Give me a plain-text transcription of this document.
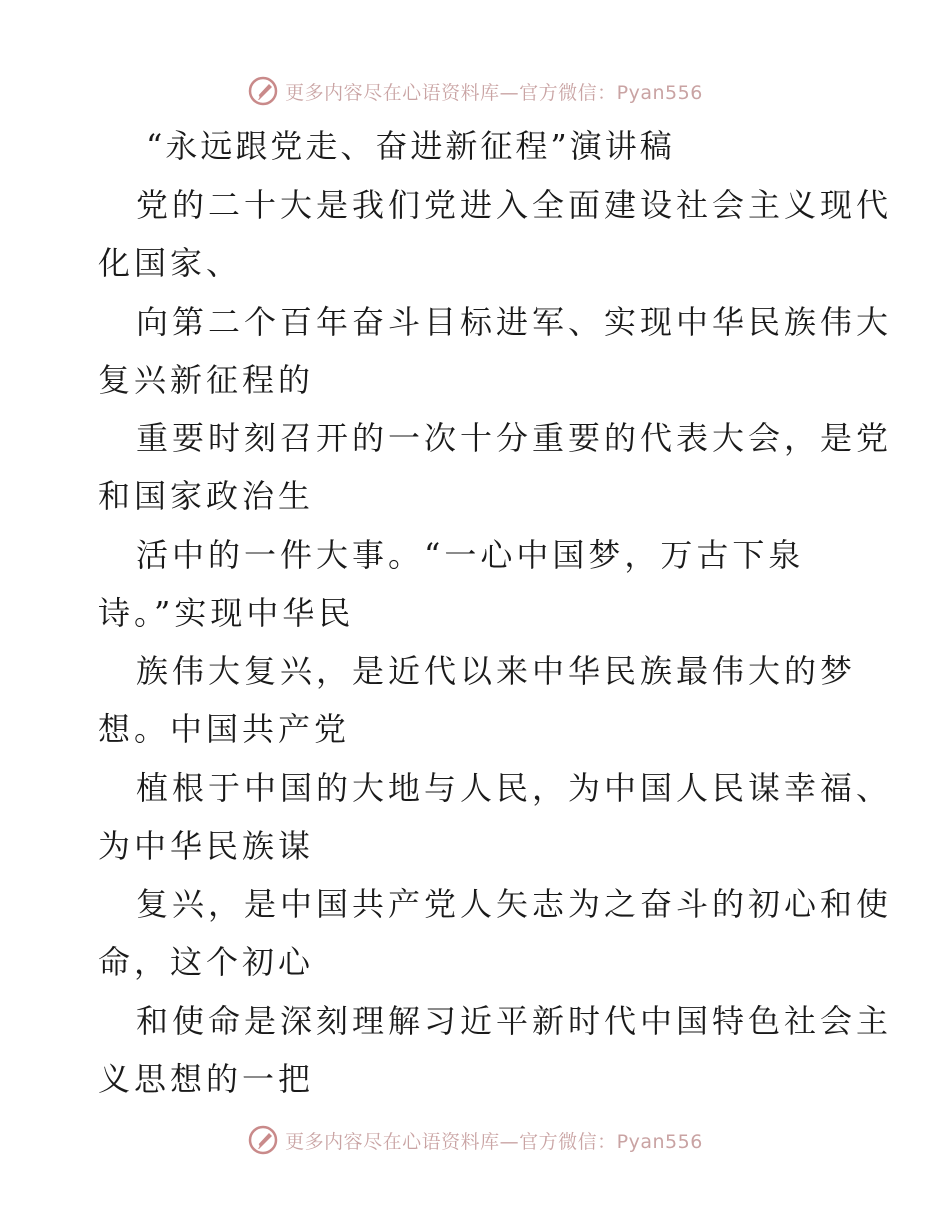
更多内容尽在心语资料库—官方微信：Pyan556
“永远跟党走、奋进新征程”演讲稿
党的二十大是我们党进入全面建设社会主义现代
化国家、
向第二个百年奋斗目标进军、实现中华民族伟大
复兴新征程的
重要时刻召开的一次十分重要的代表大会，是党
和国家政治生
活中的一件大事。“一心中国梦，万古下泉
诗。”实现中华民
族伟大复兴，是近代以来中华民族最伟大的梦
想。中国共产党
植根于中国的大地与人民，为中国人民谋幸福、
为中华民族谋
复兴，是中国共产党人矢志为之奋斗的初心和使
命，这个初心
和使命是深刻理解习近平新时代中国特色社会主
义思想的一把
更多内容尽在心语资料库—官方微信：Pyan556
